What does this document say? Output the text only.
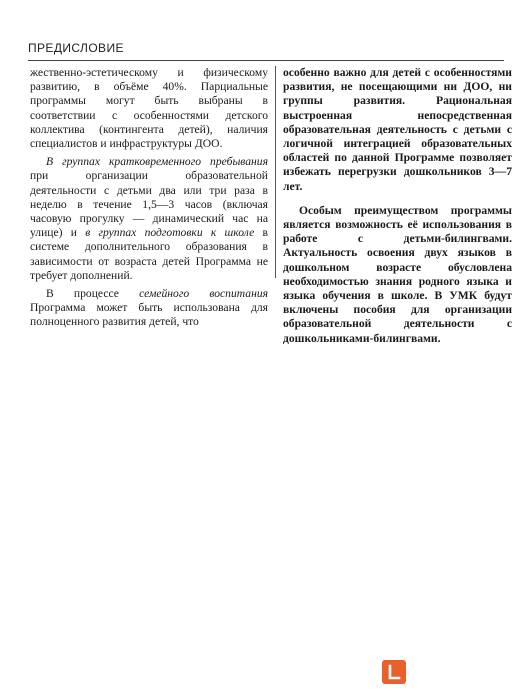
ПРЕДИСЛОВИЕ

жественно-эстетическому и физическому развитию, в объёме 40%. Парциальные программы могут быть выбраны в соответствии с особенностями детского коллектива (контингента детей), наличия специалистов и инфраструктуры ДОО.

В группах кратковременного пребывания при организации образовательной деятельности с детьми два или три раза в неделю в течение 1,5—3 часов (включая часовую прогулку — динамический час на улице) и в группах подготовки к школе в системе дополнительного образования в зависимости от возраста детей Программа не требует дополнений.

В процессе семейного воспитания Программа может быть использована для полноценного развития детей, что

особенно важно для детей с особенностями развития, не посещающими ни ДОО, ни группы развития. Рациональная выстроенная непосредственная образовательная деятельность с детьми с логичной интеграцией образовательных областей по данной Программе позволяет избежать перегрузки дошкольников 3—7 лет.

Особым преимуществом программы является возможность её использования в работе с детьми-билингвами. Актуальность освоения двух языков в дошкольном возрасте обусловлена необходимостью знания родного языка и языка обучения в школе. В УМК будут включены пособия для организации образовательной деятельности с дошкольниками-билингвами.
